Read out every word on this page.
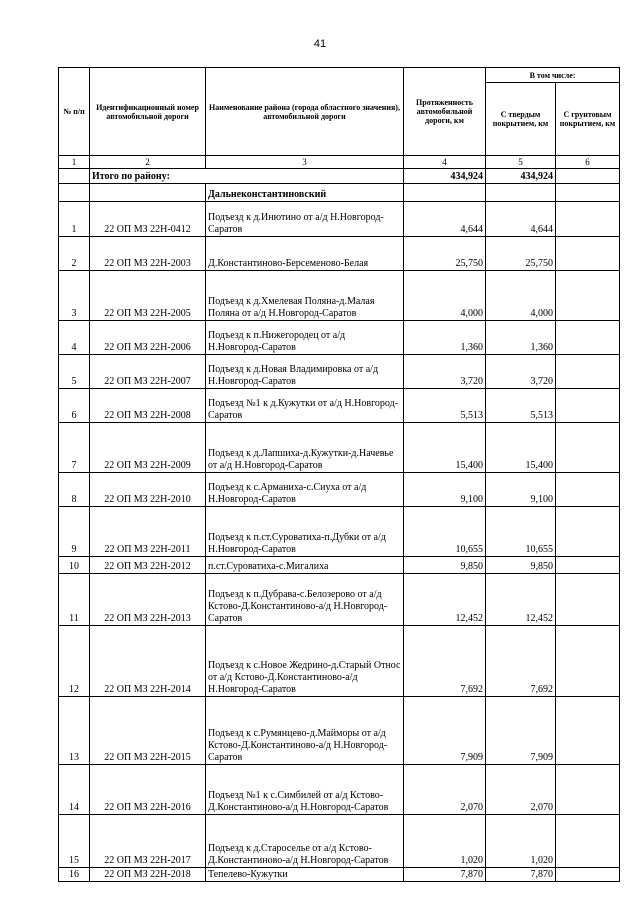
41
№ п/п	Идентификационный номер автомобильной дороги	Наименование района (города областного значения), автомобильной дороги	Протяженность автомобильной дороги, км	В том числе:	
				С твердым покрытием, км	С грунтовым покрытием, км
1	2	3	4	5	6
	Итого по району:		434,924	434,924	
		Дальнеконстантиновский			
1	22 ОП МЗ 22Н-0412	Подъезд к д.Инютино от а/д Н.Новгород-Саратов	4,644	4,644	
2	22 ОП МЗ 22Н-2003	Д.Константиново-Берсеменово-Белая	25,750	25,750	
3	22 ОП МЗ 22Н-2005	Подъезд к д.Хмелевая Поляна-д.Малая Поляна от а/д Н.Новгород-Саратов	4,000	4,000	
4	22 ОП МЗ 22Н-2006	Подъезд к п.Нижегородец от а/д Н.Новгород-Саратов	1,360	1,360	
5	22 ОП МЗ 22Н-2007	Подъезд к д.Новая Владимировка от а/д Н.Новгород-Саратов	3,720	3,720	
6	22 ОП МЗ 22Н-2008	Подъезд №1 к д.Кужутки от а/д Н.Новгород-Саратов	5,513	5,513	
7	22 ОП МЗ 22Н-2009	Подъезд к д.Лапшиха-д.Кужутки-д.Начевье от а/д Н.Новгород-Саратов	15,400	15,400	
8	22 ОП МЗ 22Н-2010	Подъезд к с.Арманиха-с.Сиуха от а/д Н.Новгород-Саратов	9,100	9,100	
9	22 ОП МЗ 22Н-2011	Подъезд к п.ст.Суроватиха-п.Дубки от а/д Н.Новгород-Саратов	10,655	10,655	
10	22 ОП МЗ 22Н-2012	п.ст.Суроватиха-с.Мигалиха	9,850	9,850	
11	22 ОП МЗ 22Н-2013	Подъезд к п.Дубрава-с.Белозерово от а/д Кстово-Д.Константиново-а/д Н.Новгород-Саратов	12,452	12,452	
12	22 ОП МЗ 22Н-2014	Подъезд к с.Новое Жедрино-д.Старый Относ от а/д Кстово-Д.Константиново-а/д Н.Новгород-Саратов	7,692	7,692	
13	22 ОП МЗ 22Н-2015	Подъезд к с.Румянцево-д.Майморы от а/д Кстово-Д.Константиново-а/д Н.Новгород-Саратов	7,909	7,909	
14	22 ОП МЗ 22Н-2016	Подъезд №1 к с.Симбилей от а/д Кстово-Д.Константиново-а/д Н.Новгород-Саратов	2,070	2,070	
15	22 ОП МЗ 22Н-2017	Подъезд к д.Староселье от а/д Кстово-Д.Константиново-а/д Н.Новгород-Саратов	1,020	1,020	
16	22 ОП МЗ 22Н-2018	Тепелево-Кужутки	7,870	7,870	
